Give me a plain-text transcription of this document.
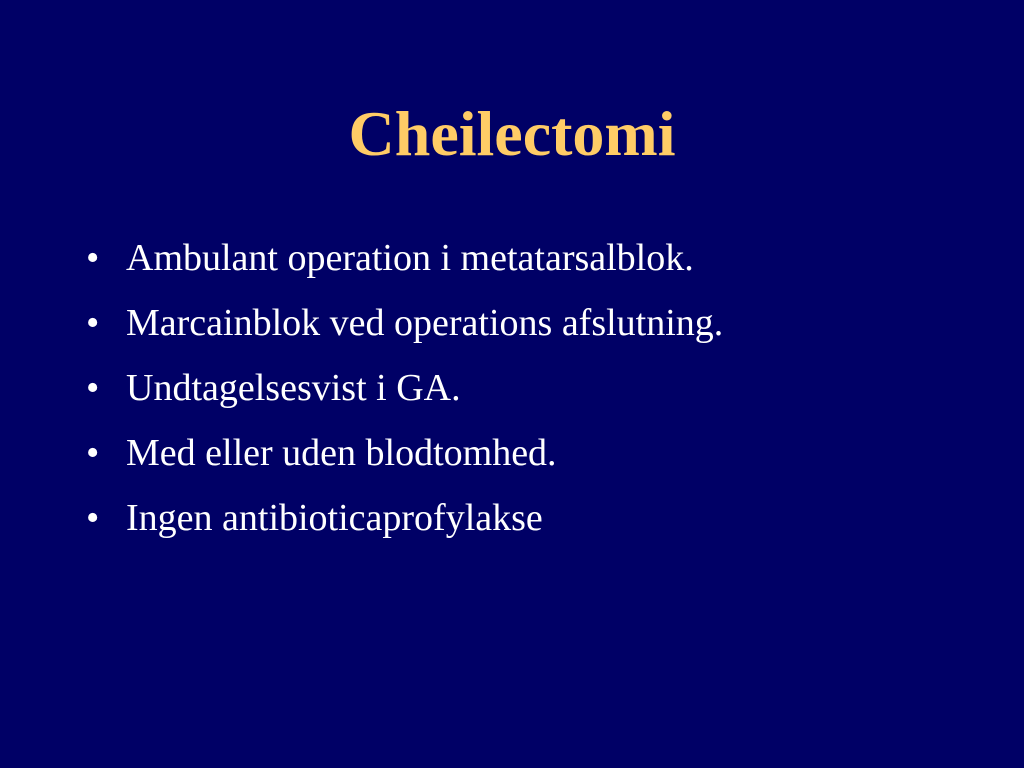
Cheilectomi
• Ambulant operation i metatarsalblok.
• Marcainblok ved operations afslutning.
• Undtagelsesvist i GA.
• Med eller uden blodtomhed.
• Ingen antibioticaprofylakse
